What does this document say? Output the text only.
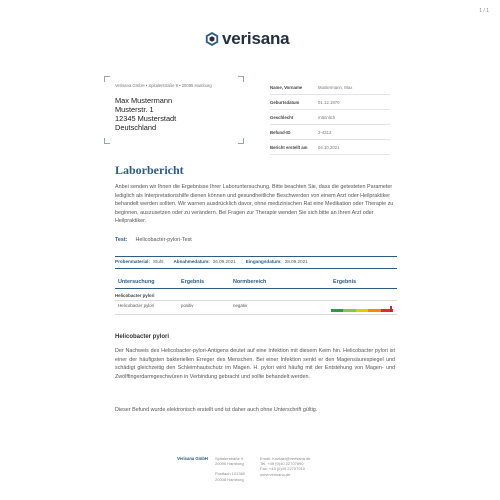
1 / 1
verisana
Verisana GmbH • Spitalerstraße 9 • 20095 Hamburg
Max Mustermann
Musterstr. 1
12345 Musterstadt
Deutschland
Name, Vorname	Mustermann, Max
Geburtsdatum	01.12.1970
Geschlecht	männlich
Befund-ID	2-4312
Bericht erstellt am	04.10.2021
Laborbericht
Anbei senden wir Ihnen die Ergebnisse Ihrer Laboruntersuchung. Bitte beachten Sie, dass die getesteten Parameter lediglich als Interpretationshilfe dienen können und gesundheitliche Beschwerden von einem Arzt oder Heilpraktiker behandelt werden sollten. Wir warnen ausdrücklich davor, ohne medizinischen Rat eine Medikation oder Therapie zu beginnen, auszusetzen oder zu verändern. Bei Fragen zur Therapie wenden Sie sich bitte an Ihren Arzt oder Heilpraktiker.
Test: Helicobacter-pylori-Test
Probenmaterial: Stuhl Abnahmedatum: 26.09.2021 Eingangsdatum: 28.09.2021
Untersuchung	Ergebnis	Normbereich	Ergebnis
Helicobacter pylori
Helicobacter pylori	positiv	negativ
Helicobacter pylori
Der Nachweis des Helicobacter-pylori-Antigens deutet auf eine Infektion mit diesem Keim hin. Helicobacter pylori ist einer der häufigsten bakteriellen Erreger des Menschen. Bei einer Infektion senkt er den Magensäurespiegel und schädigt gleichzeitig den Schleimhautschutz im Magen. H. pylori wird häufig mit der Entstehung von Magen- und Zwölffingerdarmgeschwüren in Verbindung gebracht und sollte behandelt werden.
Dieser Befund wurde elektronisch erstellt und ist daher auch ohne Unterschrift gültig.
Verisana GmbH Spitalerstraße 9
20095 Hamburg
Postfach 101360
20008 Hamburg
Email: Kontakt@verisana.de
Tel. +49 (0)40 22707890
Fax: +49 (0)40 22707910
www.verisana.de
